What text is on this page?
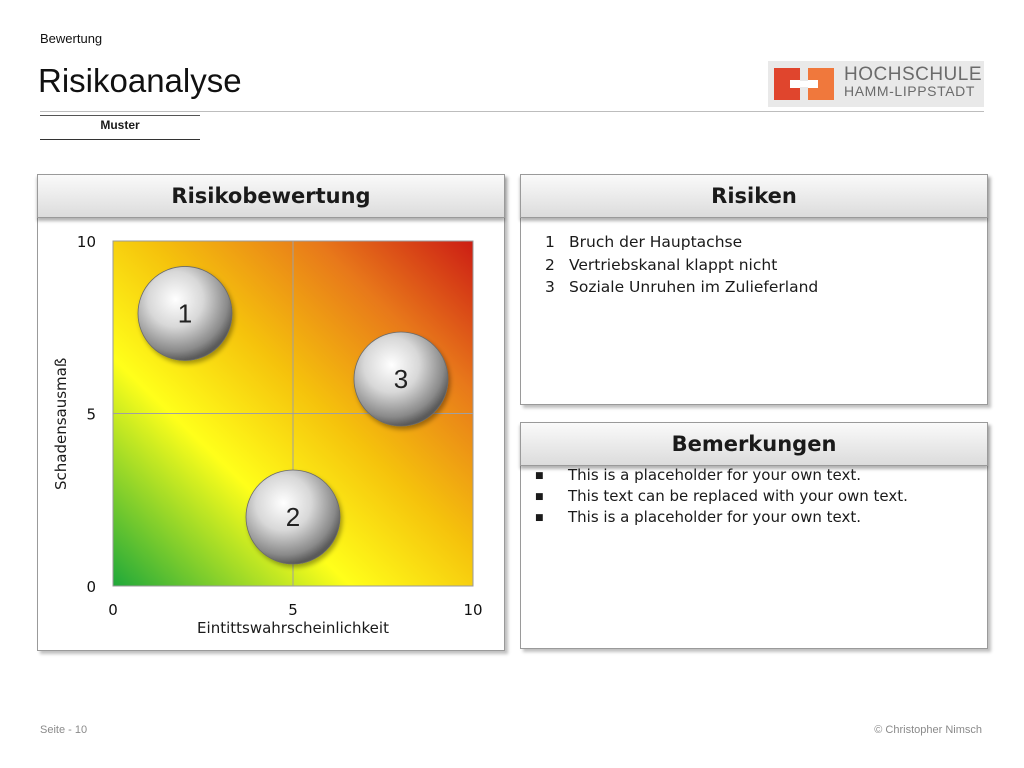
Bewertung
Risikoanalyse
Muster
HOCHSCHULE
HAMM-LIPPSTADT
Risikobewertung	Risiken
1 Bruch der Hauptachse
2 Vertriebskanal klappt nicht
3 Soziale Unruhen im Zulieferland
Bemerkungen
■ This is a placeholder for your own text.
■ This text can be replaced with your own text.
■ This is a placeholder for your own text.
0	5	10
0
5
10
1
2
3
Schadensausmaß
Eintittswahrscheinlichkeit
Seite - 10	© Christopher Nimsch
